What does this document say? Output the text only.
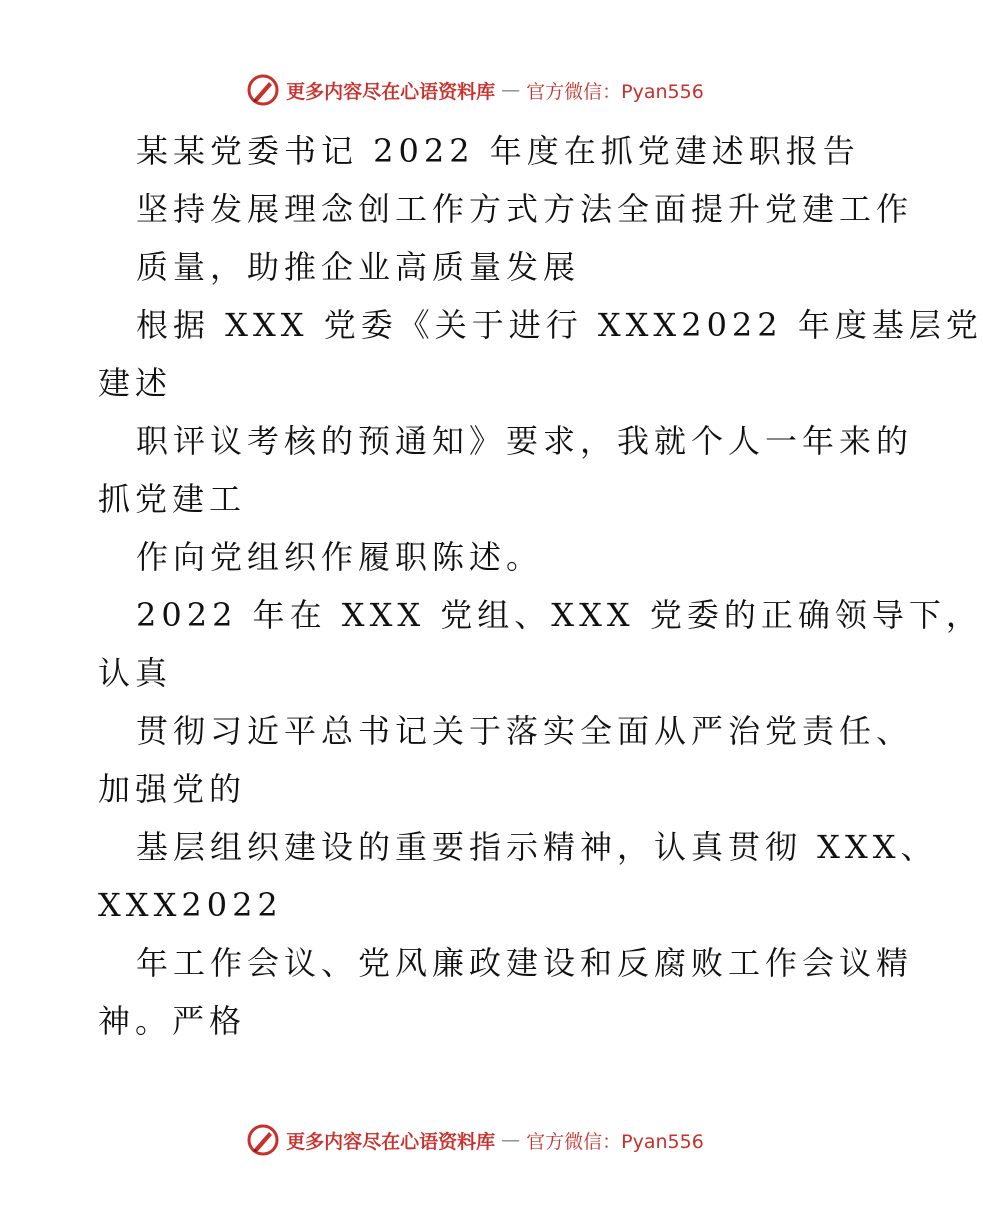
更多内容尽在心语资料库 — 官方微信：Pyan556
某某党委书记 2022 年度在抓党建述职报告
坚持发展理念创工作方式方法全面提升党建工作
质量，助推企业高质量发展
根据 XXX 党委《关于进行 XXX2022 年度基层党
建述
职评议考核的预通知》要求，我就个人一年来的
抓党建工
作向党组织作履职陈述。
2022 年在 XXX 党组、XXX 党委的正确领导下，
认真
贯彻习近平总书记关于落实全面从严治党责任、
加强党的
基层组织建设的重要指示精神，认真贯彻 XXX、
XXX2022
年工作会议、党风廉政建设和反腐败工作会议精
神。严格
更多内容尽在心语资料库 — 官方微信：Pyan556
